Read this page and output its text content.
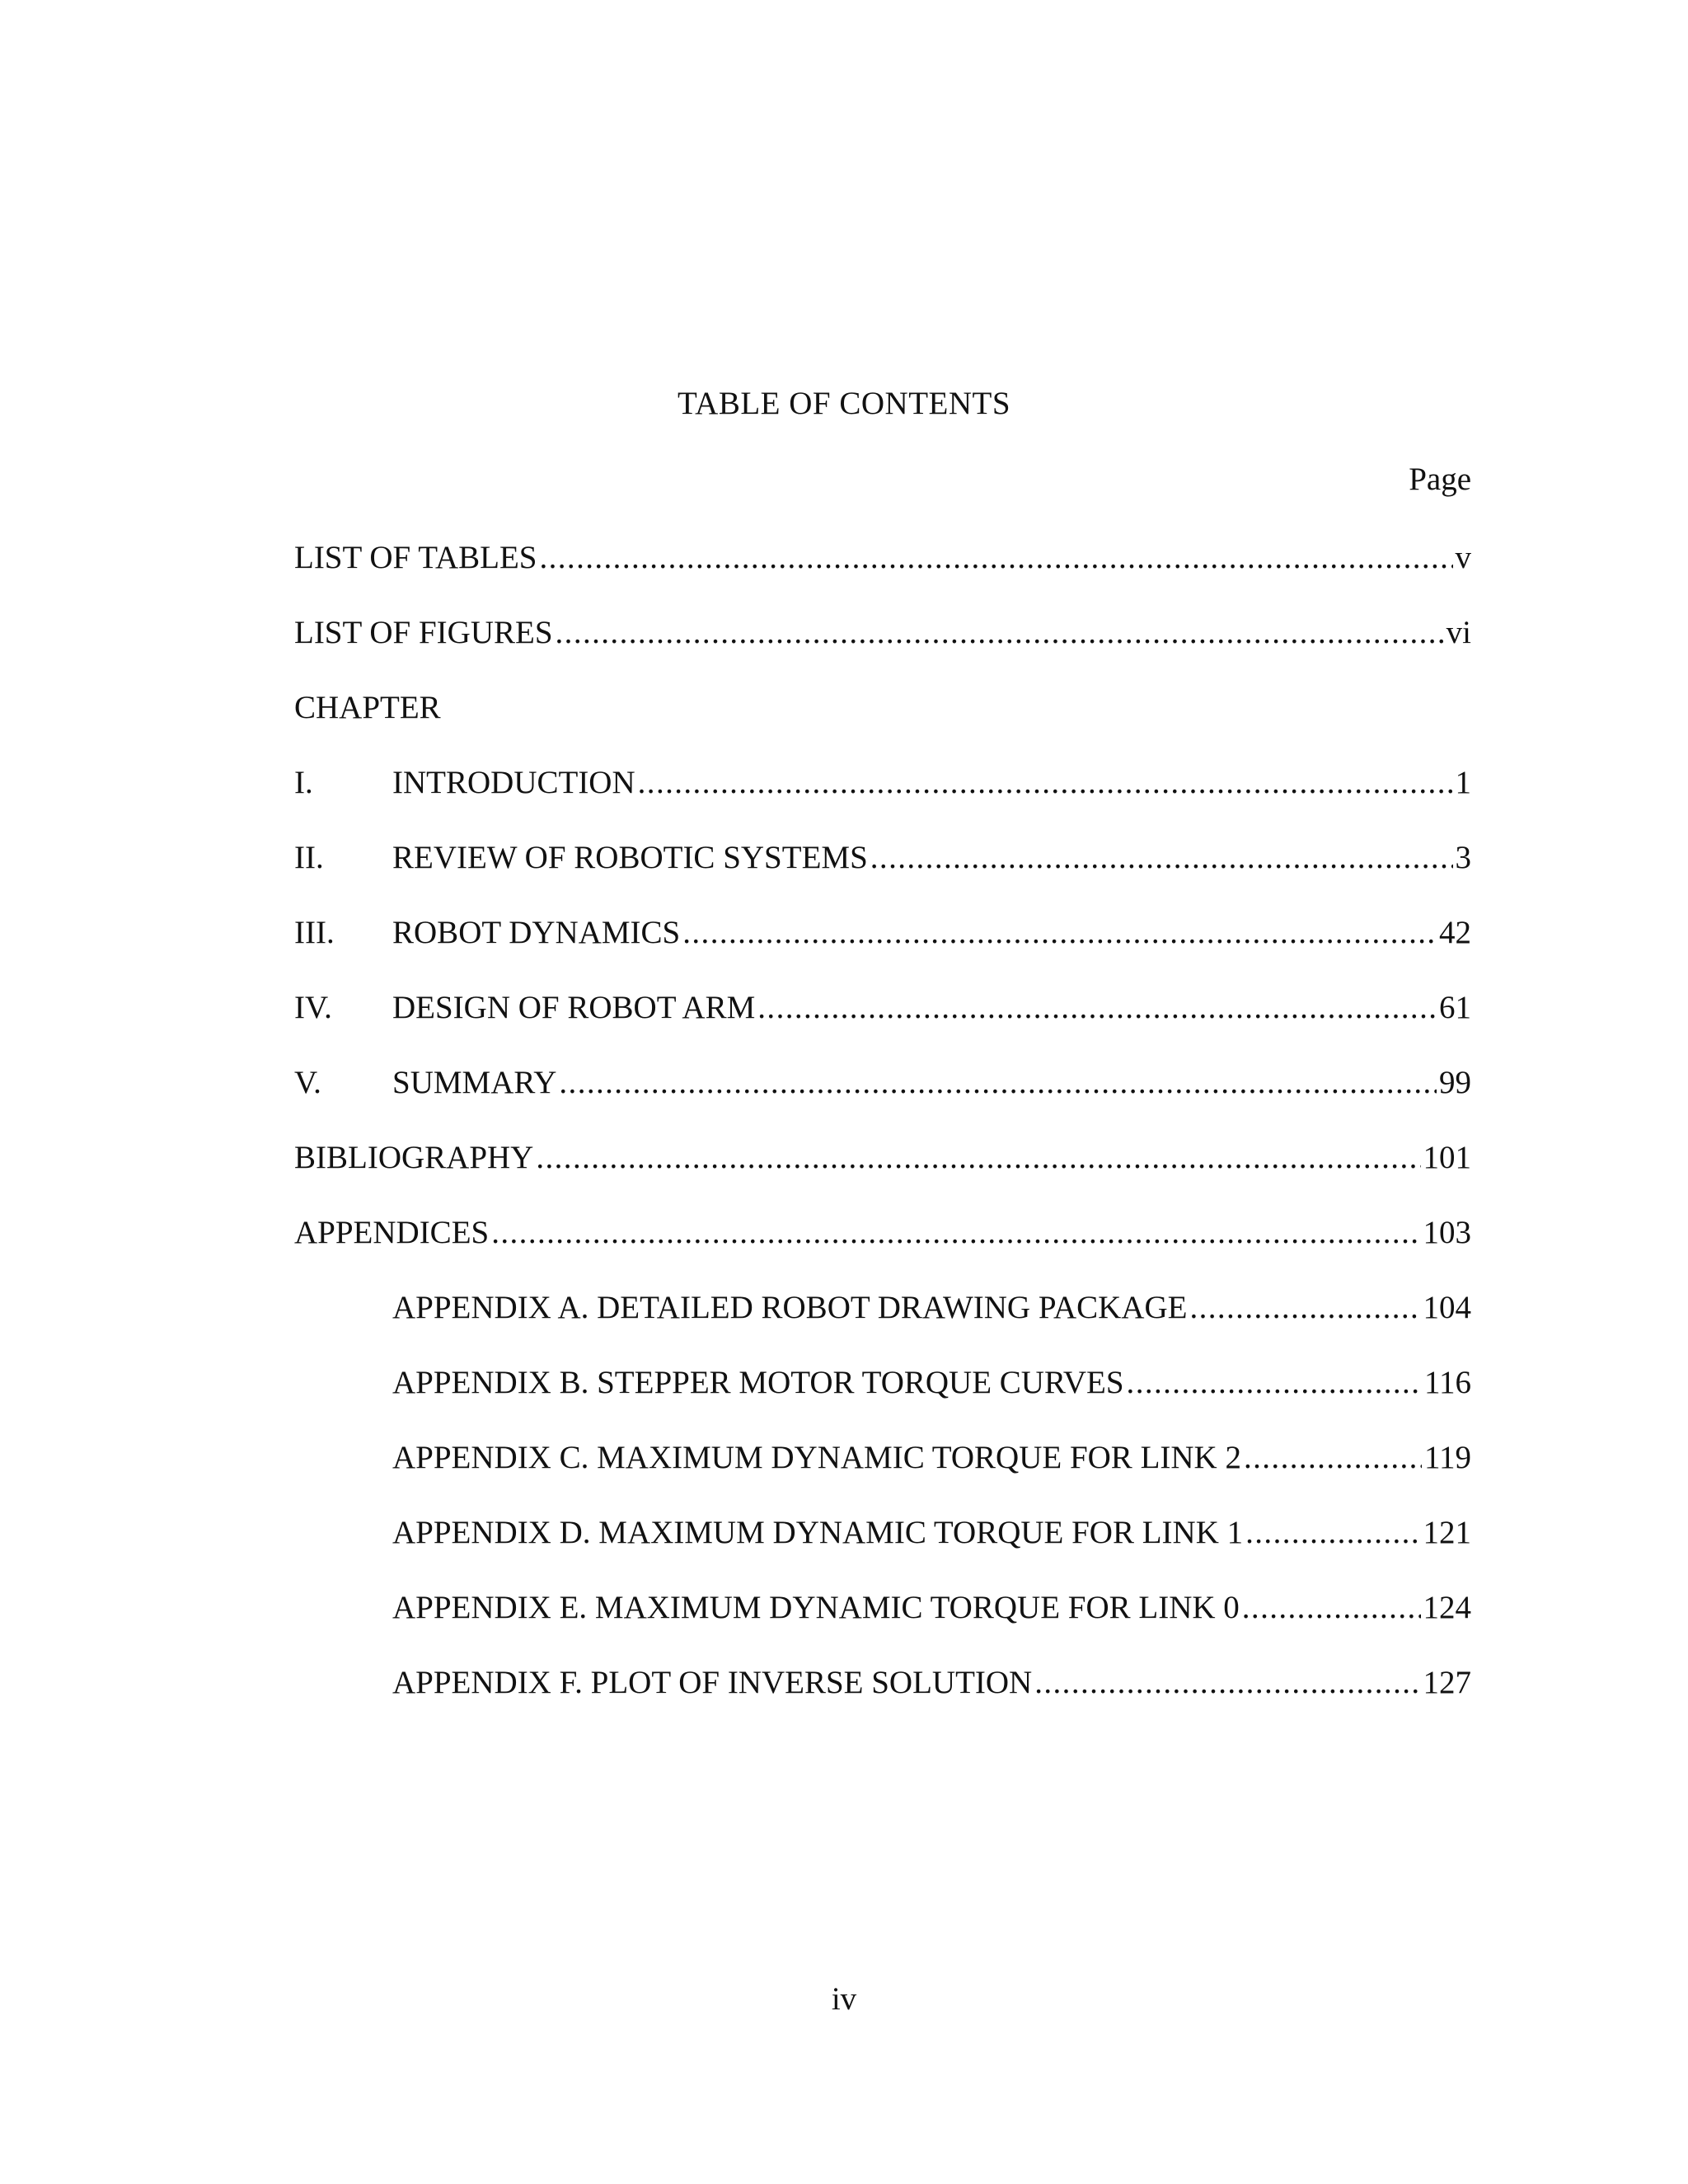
TABLE OF CONTENTS
Page
LIST OF TABLES .....	v
LIST OF FIGURES .....	vi
CHAPTER
I.	INTRODUCTION .....	1
II.	REVIEW OF ROBOTIC SYSTEMS .....	3
III.	ROBOT DYNAMICS .....	42
IV.	DESIGN OF ROBOT ARM .....	61
V.	SUMMARY .....	99
BIBLIOGRAPHY .....	101
APPENDICES .....	103
APPENDIX A. DETAILED ROBOT DRAWING PACKAGE .....	104
APPENDIX B. STEPPER MOTOR TORQUE CURVES .....	116
APPENDIX C. MAXIMUM DYNAMIC TORQUE FOR LINK 2 .....	119
APPENDIX D. MAXIMUM DYNAMIC TORQUE FOR LINK 1 .....	121
APPENDIX E. MAXIMUM DYNAMIC TORQUE FOR LINK 0 .....	124
APPENDIX F. PLOT OF INVERSE SOLUTION .....	127
iv
